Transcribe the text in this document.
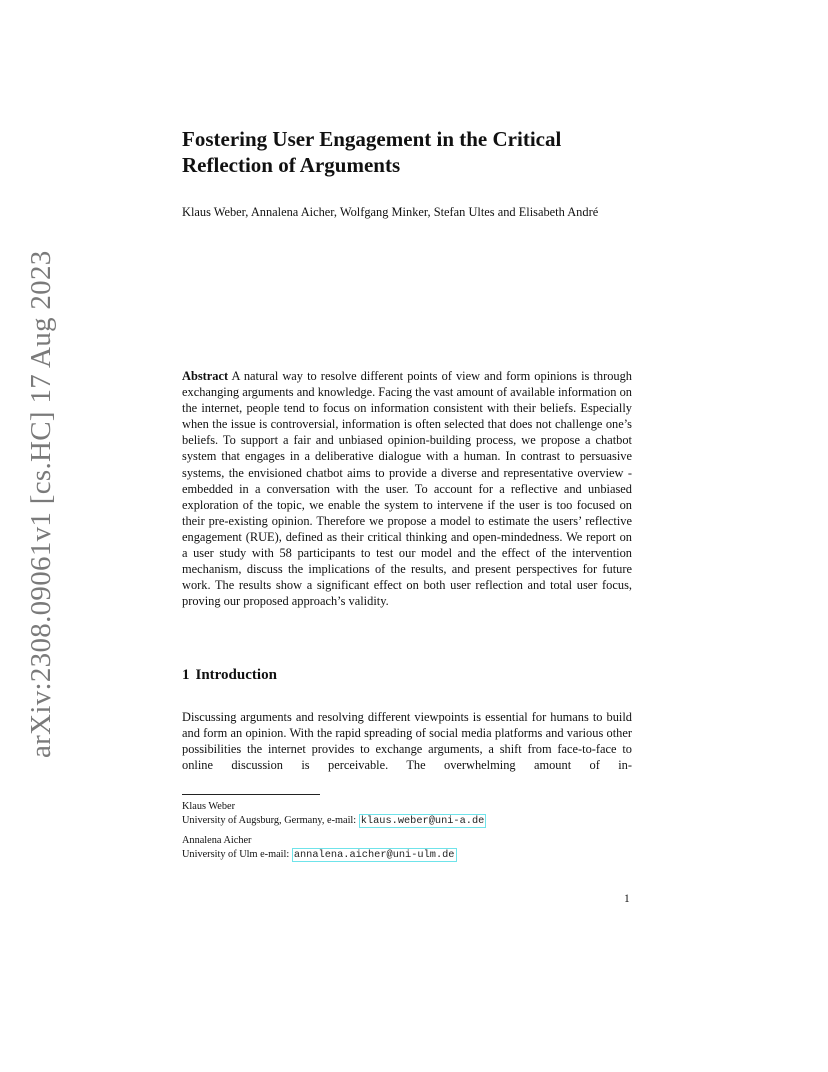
arXiv:2308.09061v1 [cs.HC] 17 Aug 2023
Fostering User Engagement in the Critical Reflection of Arguments
Klaus Weber, Annalena Aicher, Wolfgang Minker, Stefan Ultes and Elisabeth André

Abstract A natural way to resolve different points of view and form opinions is through exchanging arguments and knowledge. Facing the vast amount of available information on the internet, people tend to focus on information consistent with their beliefs. Especially when the issue is controversial, information is often selected that does not challenge one’s beliefs. To support a fair and unbiased opinion-building process, we propose a chatbot system that engages in a deliberative dialogue with a human. In contrast to persuasive systems, the envisioned chatbot aims to provide a diverse and representative overview - embedded in a conversation with the user. To account for a reflective and unbiased exploration of the topic, we enable the system to intervene if the user is too focused on their pre-existing opinion. Therefore we propose a model to estimate the users’ reflective engagement (RUE), defined as their critical thinking and open-mindedness. We report on a user study with 58 participants to test our model and the effect of the intervention mechanism, discuss the implications of the results, and present perspectives for future work. The results show a significant effect on both user reflection and total user focus, proving our proposed approach’s validity.

1 Introduction

Discussing arguments and resolving different viewpoints is essential for humans to build and form an opinion. With the rapid spreading of social media platforms and various other possibilities the internet provides to exchange arguments, a shift from face-to-face to online discussion is perceivable. The overwhelming amount of in-

Klaus Weber
University of Augsburg, Germany, e-mail: klaus.weber@uni-a.de
Annalena Aicher
University of Ulm e-mail: annalena.aicher@uni-ulm.de
1
